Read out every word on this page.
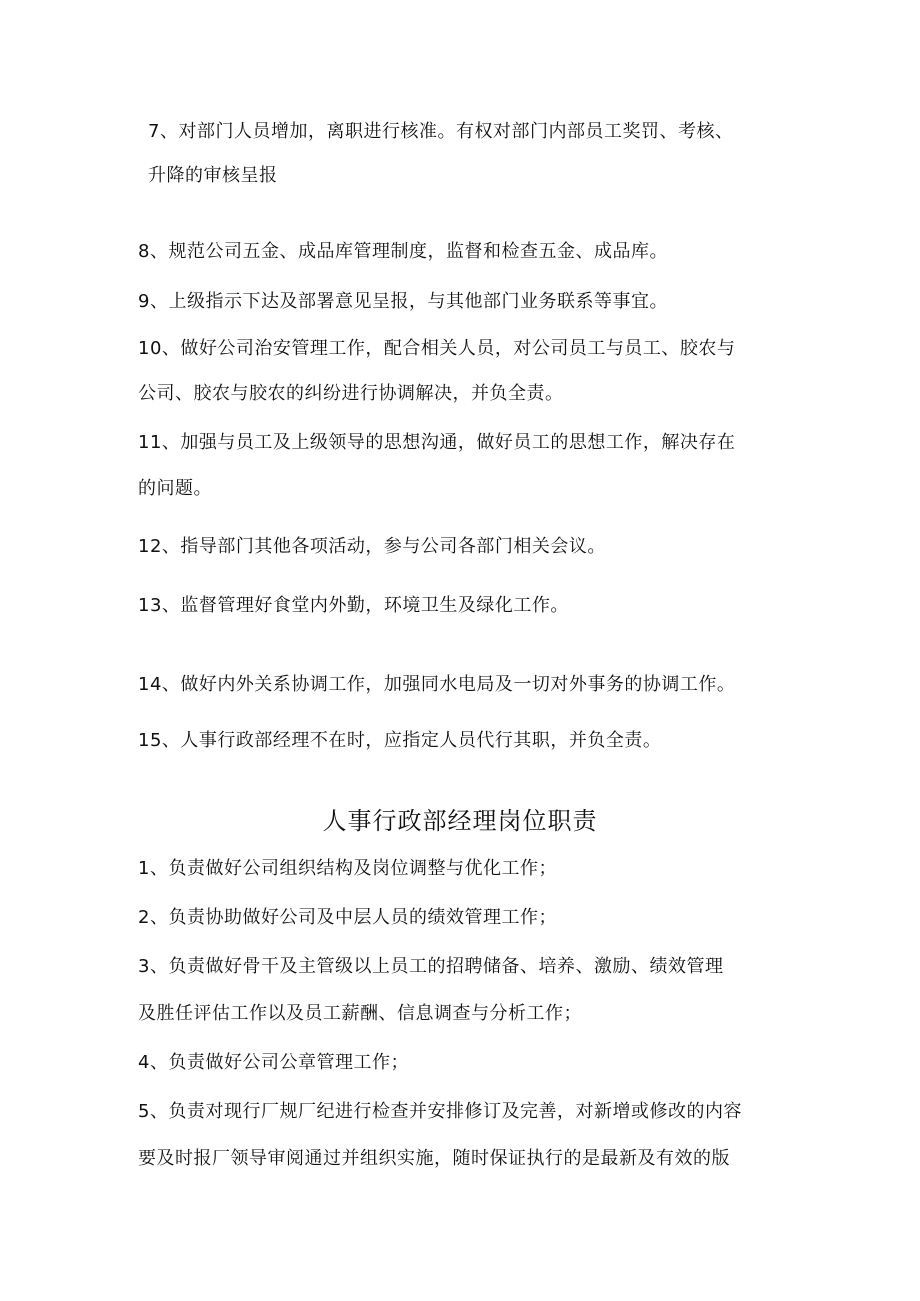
7、对部门人员增加，离职进行核准。有权对部门内部员工奖罚、考核、
升降的审核呈报
8、规范公司五金、成品库管理制度，监督和检查五金、成品库。
9、上级指示下达及部署意见呈报，与其他部门业务联系等事宜。
10、做好公司治安管理工作，配合相关人员，对公司员工与员工、胶农与
公司、胶农与胶农的纠纷进行协调解决，并负全责。
11、加强与员工及上级领导的思想沟通，做好员工的思想工作，解决存在
的问题。
12、指导部门其他各项活动，参与公司各部门相关会议。
13、监督管理好食堂内外勤，环境卫生及绿化工作。
14、做好内外关系协调工作，加强同水电局及一切对外事务的协调工作。
15、人事行政部经理不在时，应指定人员代行其职，并负全责。
人事行政部经理岗位职责
1、负责做好公司组织结构及岗位调整与优化工作；
2、负责协助做好公司及中层人员的绩效管理工作；
3、负责做好骨干及主管级以上员工的招聘储备、培养、激励、绩效管理
及胜任评估工作以及员工薪酬、信息调查与分析工作；
4、负责做好公司公章管理工作；
5、负责对现行厂规厂纪进行检查并安排修订及完善，对新增或修改的内容
要及时报厂领导审阅通过并组织实施，随时保证执行的是最新及有效的版
